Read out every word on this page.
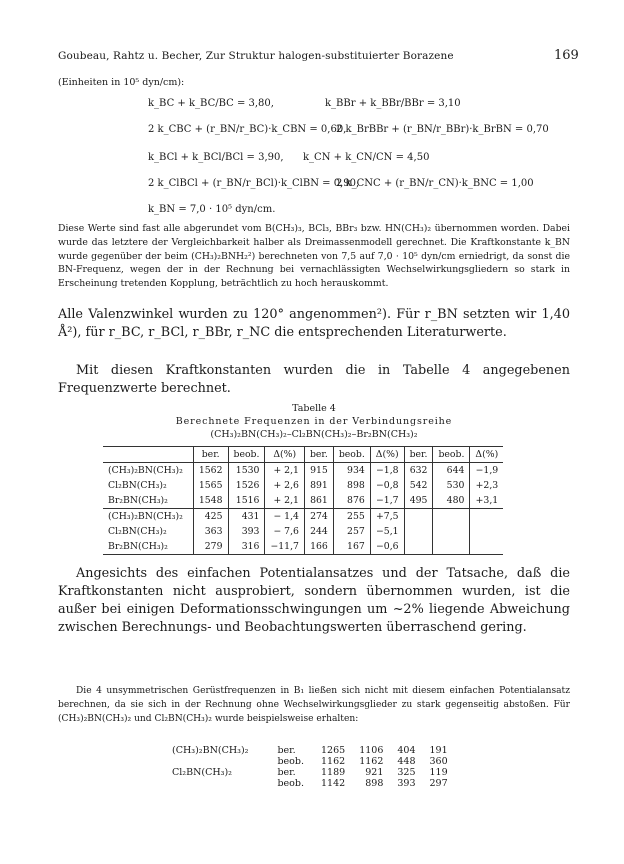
Goubeau, Rahtz u. Becher, Zur Struktur halogen-substituierter Borazene	169
(Einheiten in 10⁵ dyn/cm):
k_BC + k_BC/BC = 3,80,	k_BBr + k_BBr/BBr = 3,10
2 k_CBC + (r_BN/r_BC)·k_CBN = 0,60,
2 k_BrBBr + (r_BN/r_BBr)·k_BrBN = 0,70
k_BCl + k_BCl/BCl = 3,90, k_CN + k_CN/CN = 4,50
2 k_ClBCl + (r_BN/r_BCl)·k_ClBN = 0,90,
2 k_CNC + (r_BN/r_CN)·k_BNC = 1,00
k_BN = 7,0 · 10⁵ dyn/cm.
Diese Werte sind fast alle abgerundet vom B(CH₃)₃, BCl₃, BBr₃ bzw. HN(CH₃)₂ übernommen worden. Dabei wurde das letztere der Vergleichbarkeit halber als Dreimassenmodell gerechnet. Die Kraftkonstante k_BN wurde gegenüber der beim (CH₃)₂BNH₂²) berechneten von 7,5 auf 7,0 · 10⁵ dyn/cm erniedrigt, da sonst die BN-Frequenz, wegen der in der Rechnung bei vernachlässigten Wechselwirkungsgliedern so stark in Erscheinung tretenden Kopplung, beträchtlich zu hoch herauskommt.
Alle Valenzwinkel wurden zu 120° angenommen²). Für r_BN setzten wir 1,40 Å²), für r_BC, r_BCl, r_BBr, r_NC die entsprechenden Literaturwerte.
Mit diesen Kraftkonstanten wurden die in Tabelle 4 angegebenen Frequenzwerte berechnet.
Tabelle 4
Berechnete Frequenzen in der Verbindungsreihe
(CH₃)₂BN(CH₃)₂–Cl₂BN(CH₃)₂–Br₂BN(CH₃)₂
	ber.	beob.	Δ(%)	ber.	beob.	Δ(%)	ber.	beob.	Δ(%)
(CH₃)₂BN(CH₃)₂	1562	1530	+ 2,1	915	934	−1,8	632	644	−1,9
Cl₂BN(CH₃)₂	1565	1526	+ 2,6	891	898	−0,8	542	530	+2,3
Br₂BN(CH₃)₂	1548	1516	+ 2,1	861	876	−1,7	495	480	+3,1
(CH₃)₂BN(CH₃)₂	425	431	− 1,4	274	255	+7,5			
Cl₂BN(CH₃)₂	363	393	− 7,6	244	257	−5,1			
Br₂BN(CH₃)₂	279	316	−11,7	166	167	−0,6			
Angesichts des einfachen Potentialansatzes und der Tatsache, daß die Kraftkonstanten nicht ausprobiert, sondern übernommen wurden, ist die außer bei einigen Deformationsschwingungen um ~2% liegende Abweichung zwischen Berechnungs- und Beobachtungswerten überraschend gering.
Die 4 unsymmetrischen Gerüstfrequenzen in B₁ ließen sich nicht mit diesem einfachen Potentialansatz berechnen, da sie sich in der Rechnung ohne Wechselwirkungsglieder zu stark gegenseitig abstoßen. Für (CH₃)₂BN(CH₃)₂ und Cl₂BN(CH₃)₂ wurde beispielsweise erhalten:
(CH₃)₂BN(CH₃)₂	ber.	1265	1106	404	191
	beob.	1162	1162	448	360
Cl₂BN(CH₃)₂	ber.	1189	921	325	119
	beob.	1142	898	393	297
